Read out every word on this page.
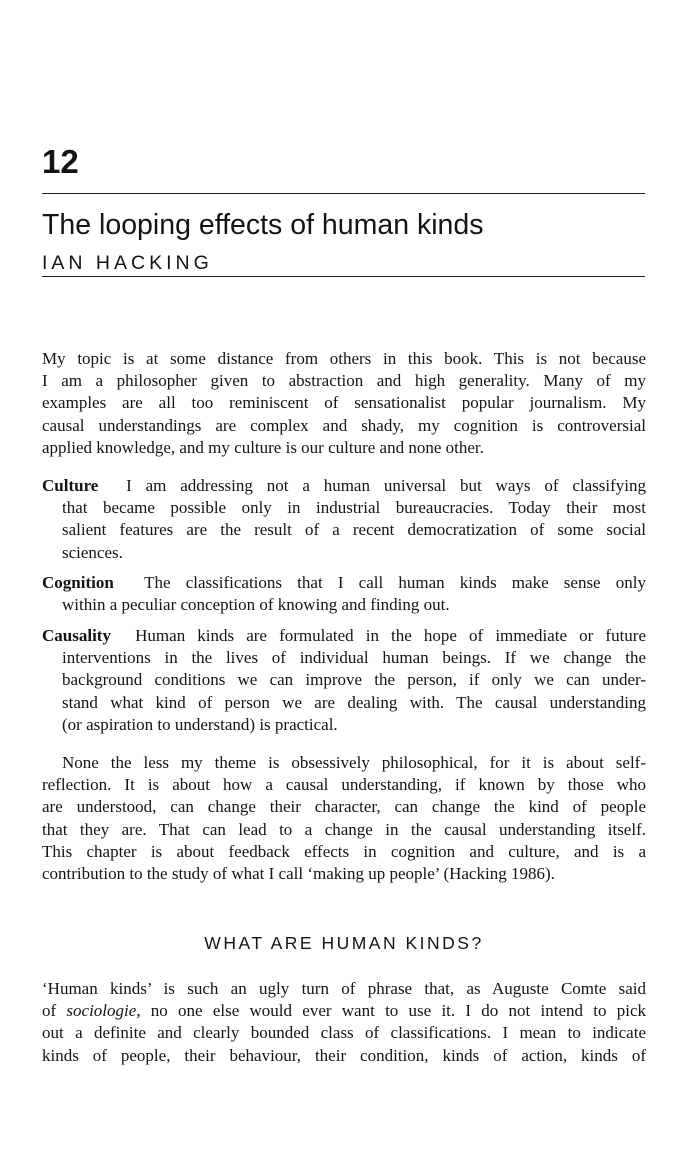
12
The looping effects of human kinds
IAN HACKING
My topic is at some distance from others in this book. This is not because
I am a philosopher given to abstraction and high generality. Many of my
examples are all too reminiscent of sensationalist popular journalism. My
causal understandings are complex and shady, my cognition is controversial
applied knowledge, and my culture is our culture and none other.
Culture I am addressing not a human universal but ways of classifying
that became possible only in industrial bureaucracies. Today their most
salient features are the result of a recent democratization of some social
sciences.
Cognition The classifications that I call human kinds make sense only
within a peculiar conception of knowing and finding out.
Causality Human kinds are formulated in the hope of immediate or future
interventions in the lives of individual human beings. If we change the
background conditions we can improve the person, if only we can under-
stand what kind of person we are dealing with. The causal understanding
(or aspiration to understand) is practical.
None the less my theme is obsessively philosophical, for it is about self-
reflection. It is about how a causal understanding, if known by those who
are understood, can change their character, can change the kind of people
that they are. That can lead to a change in the causal understanding itself.
This chapter is about feedback effects in cognition and culture, and is a
contribution to the study of what I call ‘making up people’ (Hacking 1986).
WHAT ARE HUMAN KINDS?
‘Human kinds’ is such an ugly turn of phrase that, as Auguste Comte said
of sociologie, no one else would ever want to use it. I do not intend to pick
out a definite and clearly bounded class of classifications. I mean to indicate
kinds of people, their behaviour, their condition, kinds of action, kinds of
